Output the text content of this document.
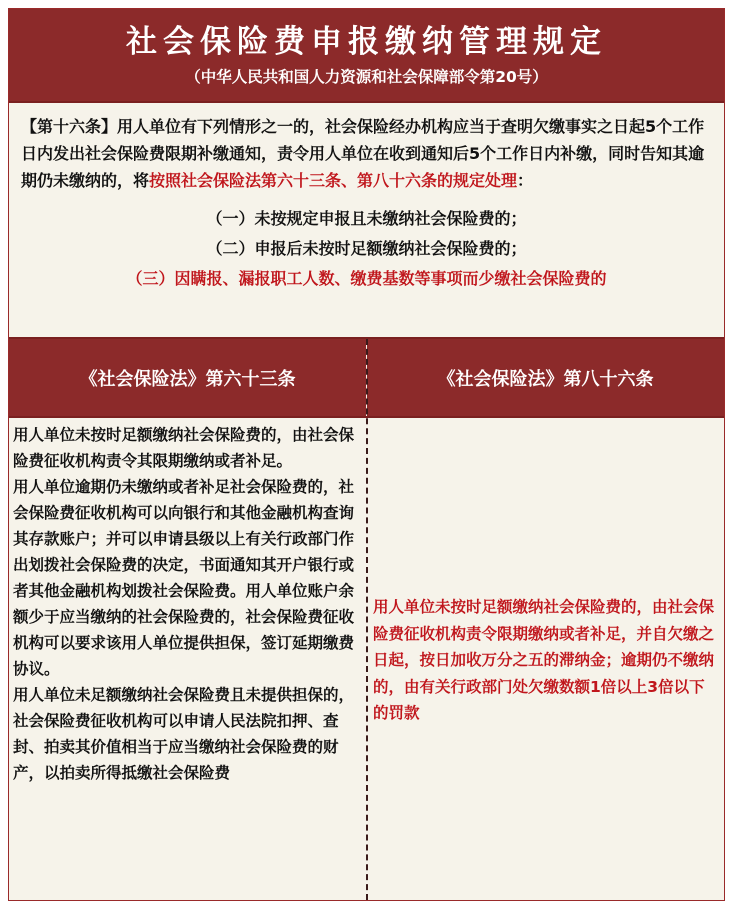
社会保险费申报缴纳管理规定
（中华人民共和国人力资源和社会保障部令第20号）
【第十六条】用人单位有下列情形之一的，社会保险经办机构应当于查明欠缴事实之日起5个工作日内发出社会保险费限期补缴通知，责令用人单位在收到通知后5个工作日内补缴，同时告知其逾期仍未缴纳的，将按照社会保险法第六十三条、第八十六条的规定处理：
（一）未按规定申报且未缴纳社会保险费的；
（二）申报后未按时足额缴纳社会保险费的；
（三）因瞒报、漏报职工人数、缴费基数等事项而少缴社会保险费的
《社会保险法》第六十三条	《社会保险法》第八十六条
用人单位未按时足额缴纳社会保险费的，由社会保险费征收机构责令其限期缴纳或者补足。
用人单位逾期仍未缴纳或者补足社会保险费的，社会保险费征收机构可以向银行和其他金融机构查询其存款账户；并可以申请县级以上有关行政部门作出划拨社会保险费的决定，书面通知其开户银行或者其他金融机构划拨社会保险费。用人单位账户余额少于应当缴纳的社会保险费的，社会保险费征收机构可以要求该用人单位提供担保，签订延期缴费协议。
用人单位未足额缴纳社会保险费且未提供担保的，社会保险费征收机构可以申请人民法院扣押、查封、拍卖其价值相当于应当缴纳社会保险费的财产，以拍卖所得抵缴社会保险费
用人单位未按时足额缴纳社会保险费的，由社会保险费征收机构责令限期缴纳或者补足，并自欠缴之日起，按日加收万分之五的滞纳金；逾期仍不缴纳的，由有关行政部门处欠缴数额1倍以上3倍以下的罚款
